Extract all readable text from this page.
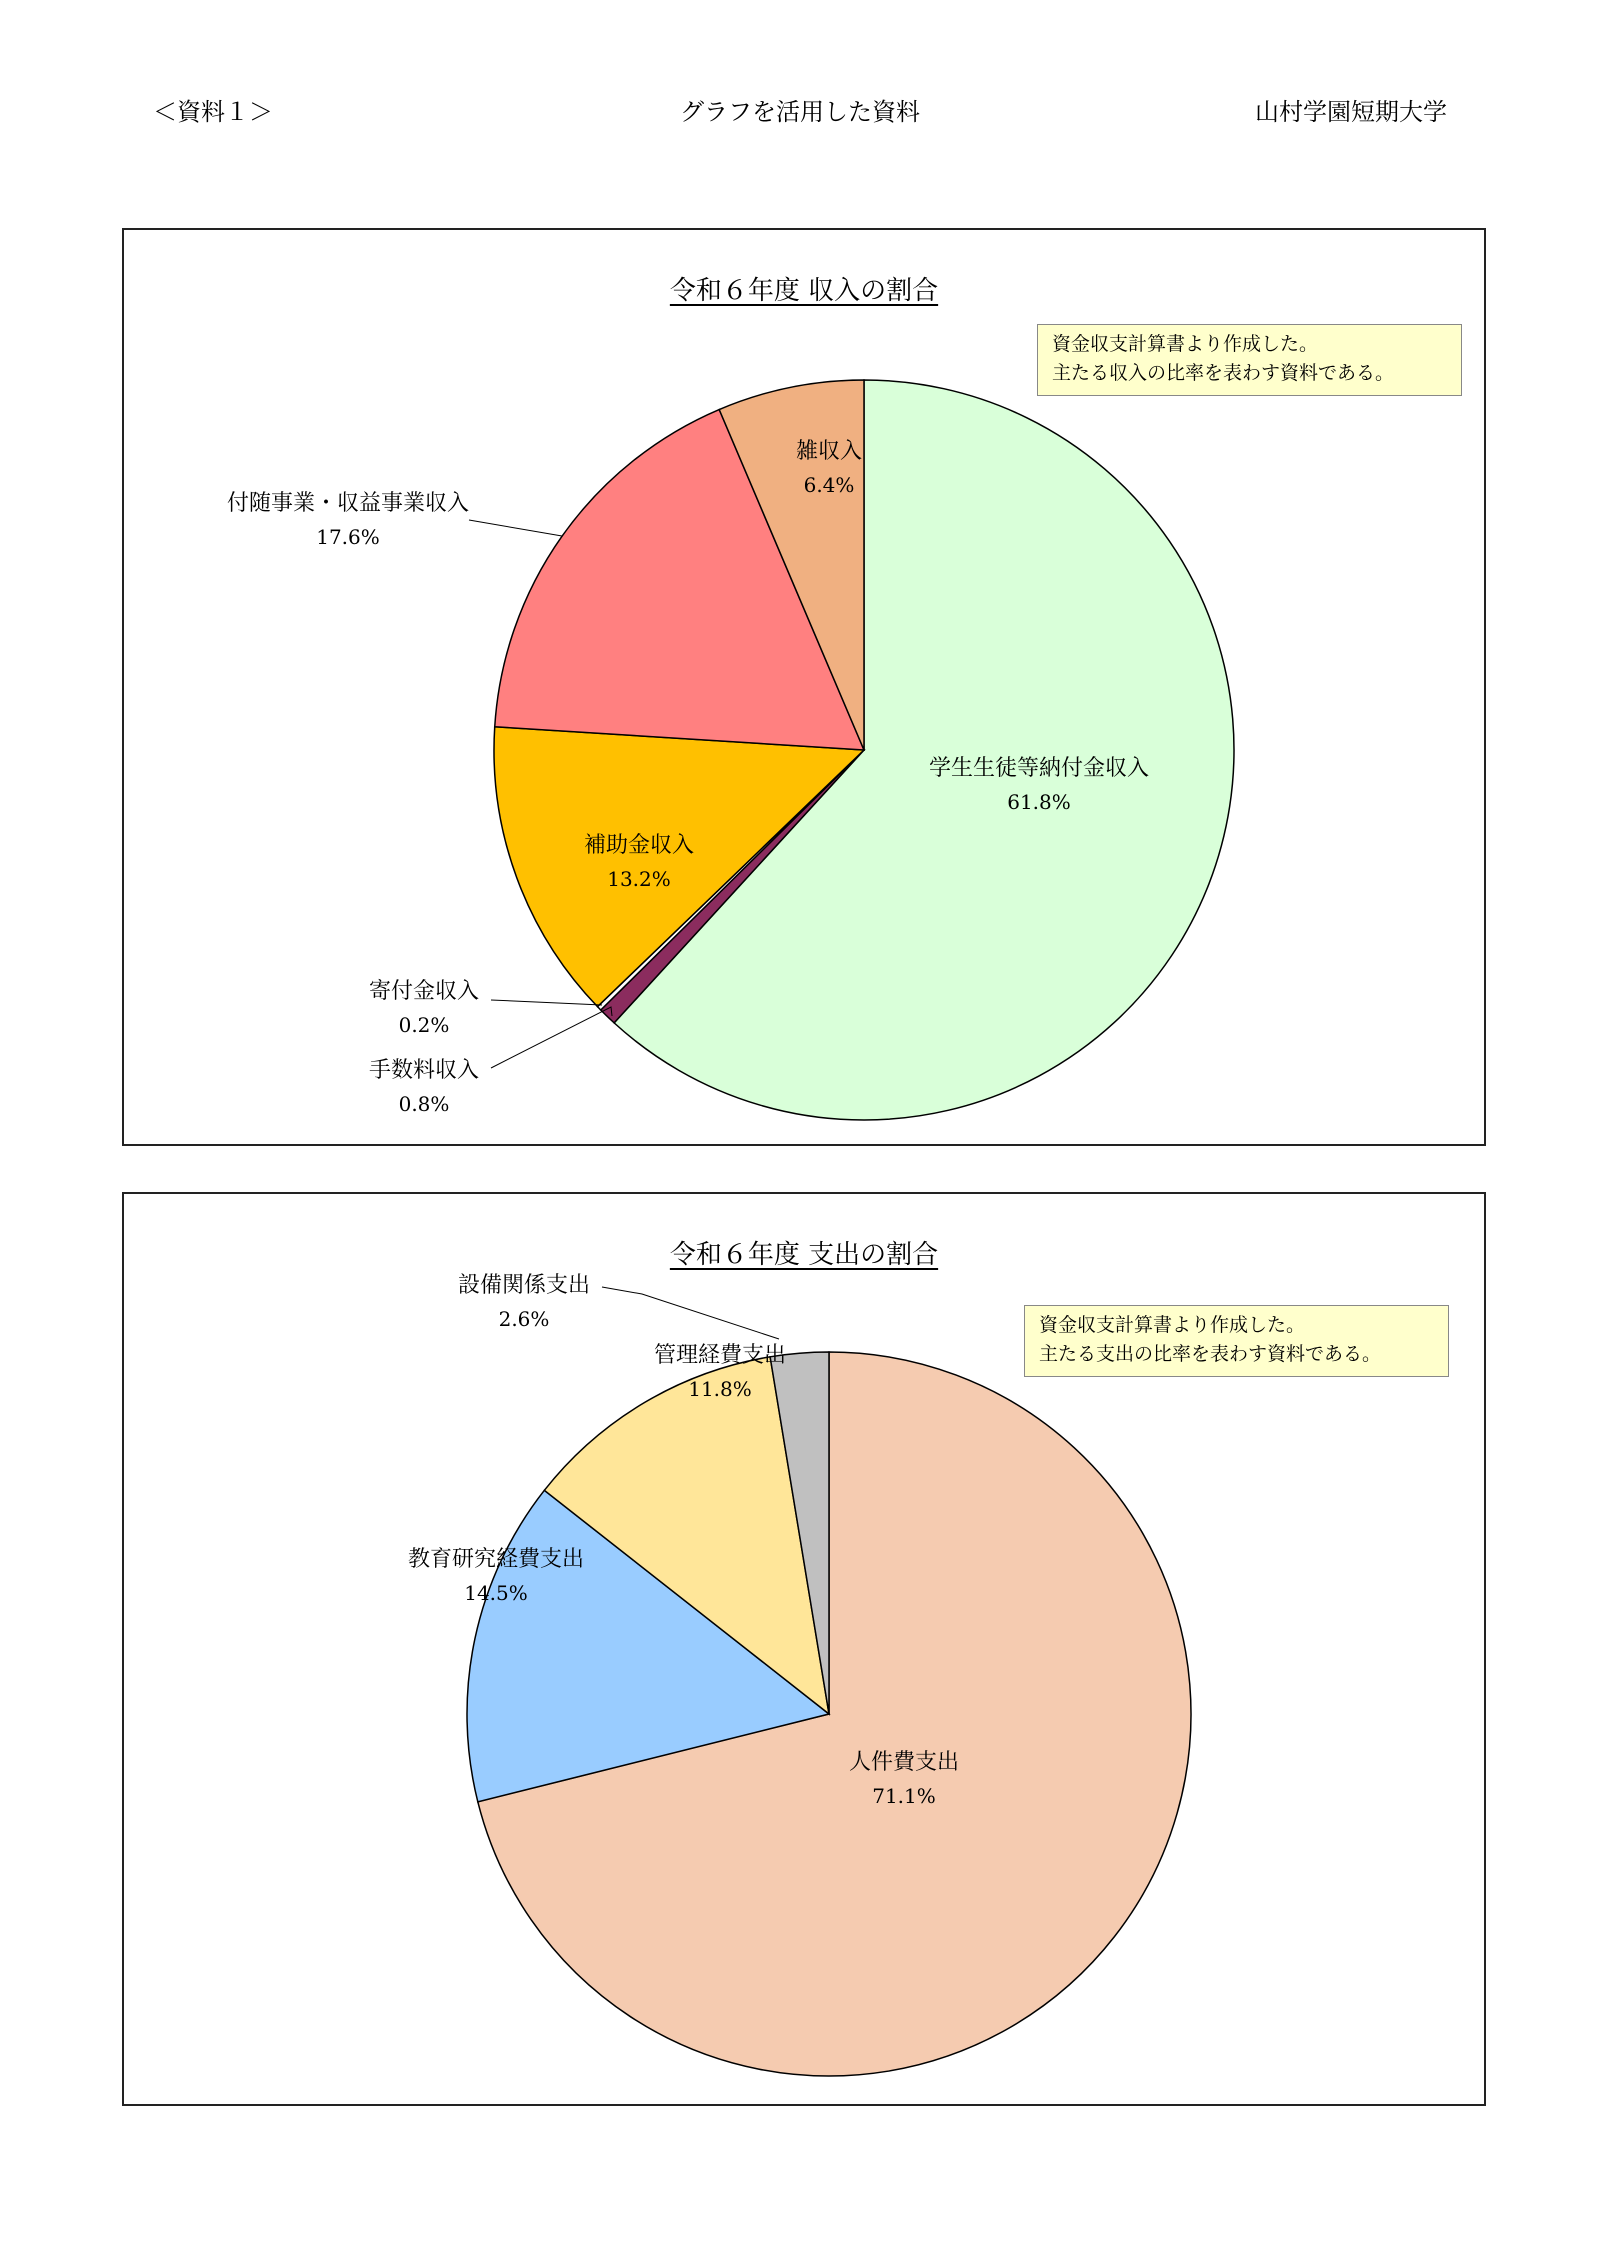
＜資料１＞	グラフを活用した資料	山村学園短期大学
令和６年度 収入の割合
資金収支計算書より作成した。
主たる収入の比率を表わす資料である。
学生生徒等納付金収入
61.8%
手数料収入
0.8%
寄付金収入
0.2%
補助金収入
13.2%
付随事業・収益事業収入
17.6%
雑収入
6.4%
令和６年度 支出の割合
資金収支計算書より作成した。
主たる支出の比率を表わす資料である。
人件費支出
71.1%
教育研究経費支出
14.5%
管理経費支出
11.8%
設備関係支出
2.6%
